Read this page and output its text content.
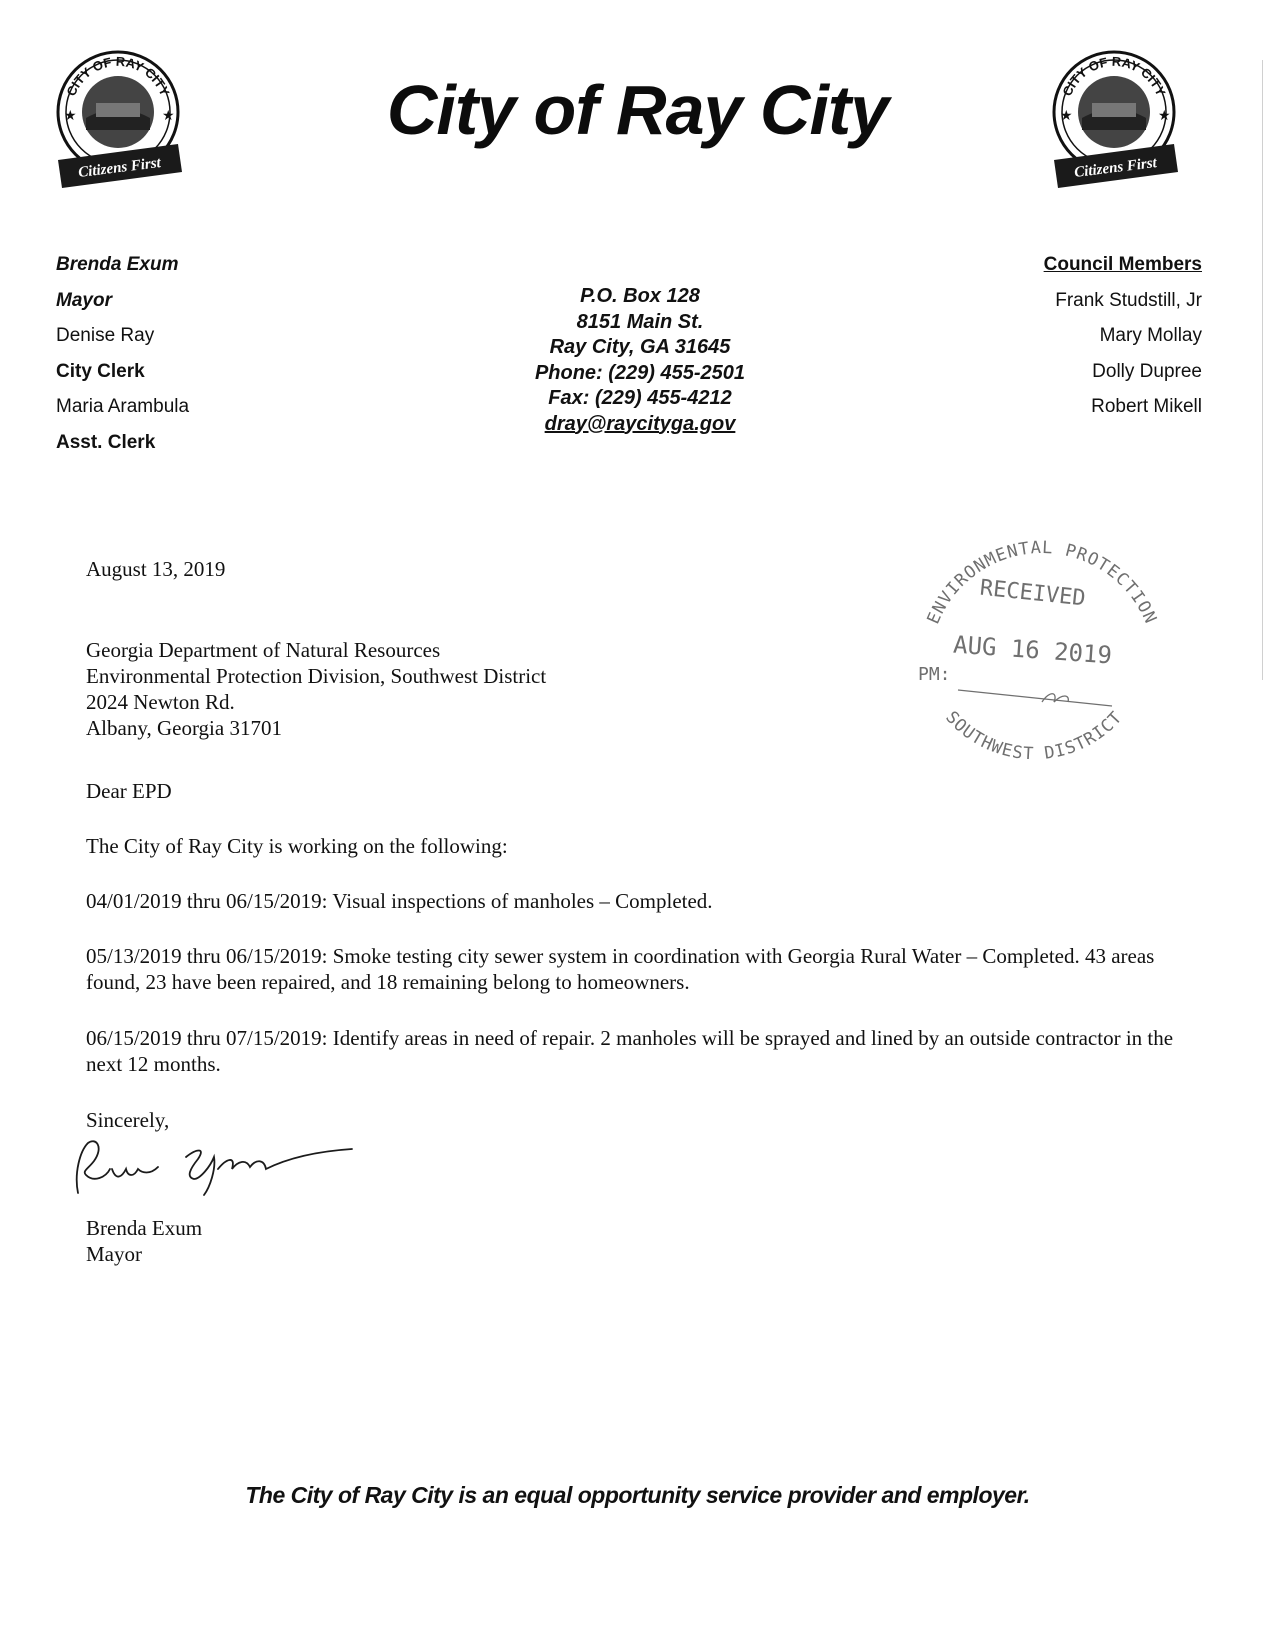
CITY OF RAY CITY
★	★
Citizens First
CITY OF RAY CITY
★	★
Citizens First
City of Ray City
Brenda Exum
Mayor
Denise Ray
City Clerk
Maria Arambula
Asst. Clerk
P.O. Box 128
8151 Main St.
Ray City, GA 31645
Phone: (229) 455-2501
Fax: (229) 455-4212
dray@raycityga.gov
Council Members
Frank Studstill, Jr
Mary Mollay
Dolly Dupree
Robert Mikell
August 13, 2019
Georgia Department of Natural Resources
Environmental Protection Division, Southwest District
2024 Newton Rd.
Albany, Georgia 31701
Dear EPD
The City of Ray City is working on the following:
04/01/2019 thru 06/15/2019: Visual inspections of manholes – Completed.
05/13/2019 thru 06/15/2019: Smoke testing city sewer system in coordination with Georgia Rural Water – Completed. 43 areas found, 23 have been repaired, and 18 remaining belong to homeowners.
06/15/2019 thru 07/15/2019: Identify areas in need of repair. 2 manholes will be sprayed and lined by an outside contractor in the next 12 months.
Sincerely,
Brenda Exum
Mayor
ENVIRONMENTAL PROTECTION
SOUTHWEST DISTRICT
RECEIVED
AUG 16 2019
PM:
The City of Ray City is an equal opportunity service provider and employer.
